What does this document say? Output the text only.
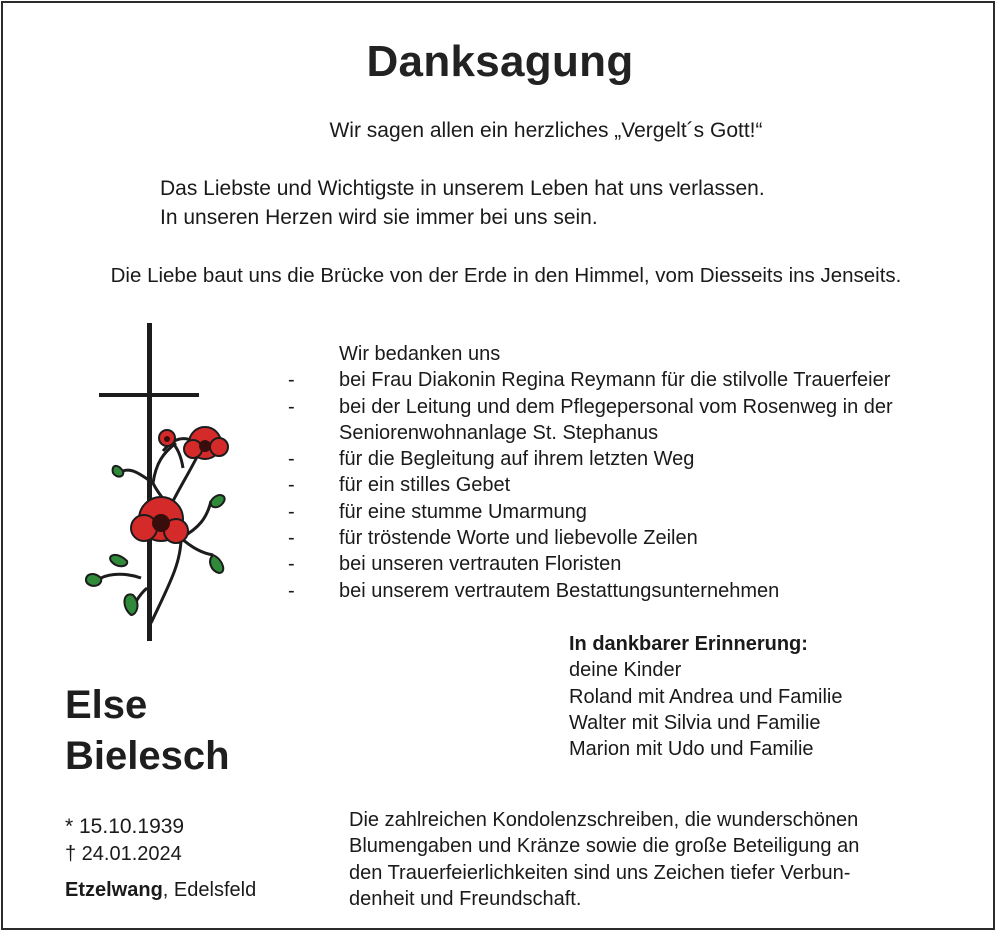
Danksagung
Wir sagen allen ein herzliches „Vergelt´s Gott!“
Das Liebste und Wichtigste in unserem Leben hat uns verlassen.
In unseren Herzen wird sie immer bei uns sein.
Die Liebe baut uns die Brücke von der Erde in den Himmel, vom Diesseits ins Jenseits.
Wir bedanken uns
-	bei Frau Diakonin Regina Reymann für die stilvolle Trauerfeier
-	bei der Leitung und dem Pflegepersonal vom Rosenweg in der
Seniorenwohnanlage St. Stephanus
-	für die Begleitung auf ihrem letzten Weg
-	für ein stilles Gebet
-	für eine stumme Umarmung
-	für tröstende Worte und liebevolle Zeilen
-	bei unseren vertrauten Floristen
-	bei unserem vertrautem Bestattungsunternehmen
In dankbarer Erinnerung:
deine Kinder
Roland mit Andrea und Familie
Walter mit Silvia und Familie
Marion mit Udo und Familie
Else
Bielesch
* 15.10.1939
† 24.01.2024
Etzelwang, Edelsfeld
Die zahlreichen Kondolenzschreiben, die wunderschönen
Blumengaben und Kränze sowie die große Beteiligung an
den Trauerfeierlichkeiten sind uns Zeichen tiefer Verbun-
denheit und Freundschaft.
